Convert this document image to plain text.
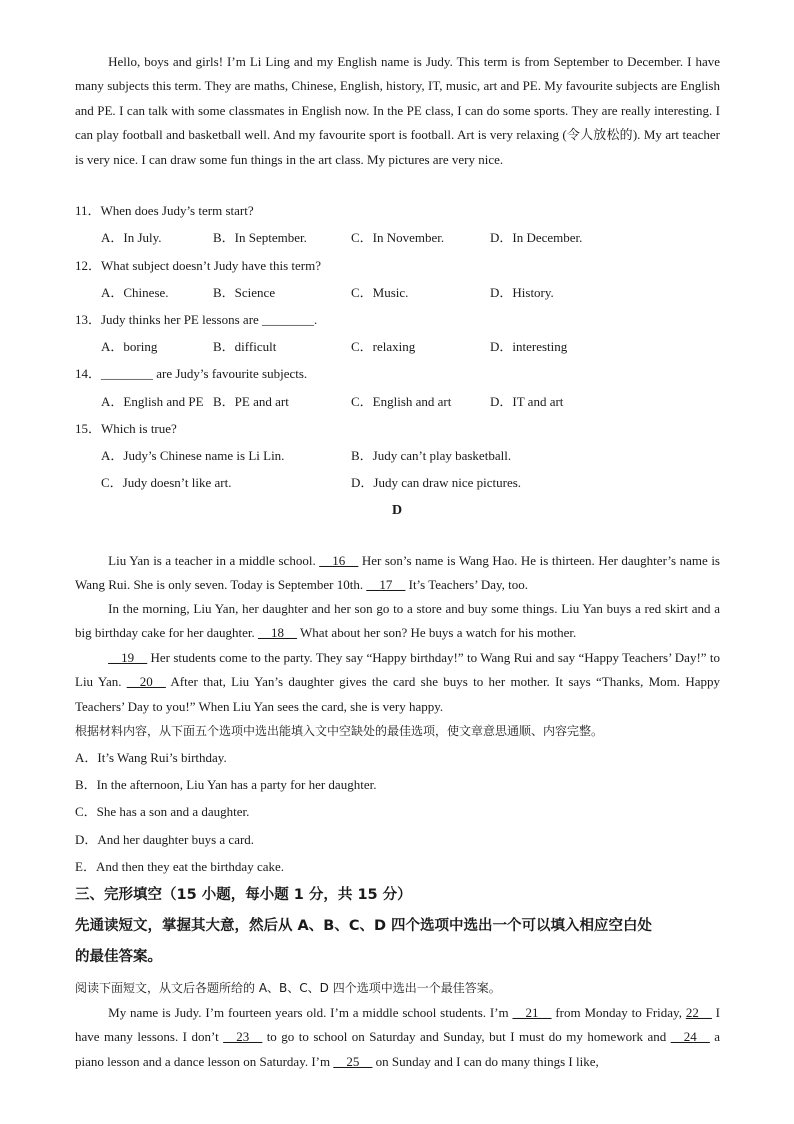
Hello, boys and girls! I’m Li Ling and my English name is Judy. This term is from September to December. I have many subjects this term. They are maths, Chinese, English, history, IT, music, art and PE. My favourite subjects are English and PE. I can talk with some classmates in English now. In the PE class, I can do some sports. They are really interesting. I can play football and basketball well. And my favourite sport is football. Art is very relaxing (令人放松的). My art teacher is very nice. I can draw some fun things in the art class. My pictures are very nice.

11．When does Judy’s term start?
A．In July.	B．In September.	C．In November.	D．In December.
12．What subject doesn’t Judy have this term?
A．Chinese.	B．Science	C．Music.	D．History.
13．Judy thinks her PE lessons are ________.
A．boring	B．difficult	C．relaxing	D．interesting
14．________ are Judy’s favourite subjects.
A．English and PE B．PE and art	C．English and art	D．IT and art
15．Which is true?
A．Judy’s Chinese name is Li Lin.	B．Judy can’t play basketball.
C．Judy doesn’t like art.	D．Judy can draw nice pictures.
D

Liu Yan is a teacher in a middle school. __16__ Her son’s name is Wang Hao. He is thirteen. Her daughter’s name is Wang Rui. She is only seven. Today is September 10th. __17__ It’s Teachers’ Day, too.

In the morning, Liu Yan, her daughter and her son go to a store and buy some things. Liu Yan buys a red skirt and a big birthday cake for her daughter. __18__ What about her son? He buys a watch for his mother.

__19__ Her students come to the party. They say “Happy birthday!” to Wang Rui and say “Happy Teachers’ Day!” to Liu Yan. __20__ After that, Liu Yan’s daughter gives the card she buys to her mother. It says “Thanks, Mom. Happy Teachers’ Day to you!” When Liu Yan sees the card, she is very happy.

根据材料内容，从下面五个选项中选出能填入文中空缺处的最佳选项，使文章意思通顺、内容完整。
A．It’s Wang Rui’s birthday.
B．In the afternoon, Liu Yan has a party for her daughter.
C．She has a son and a daughter.
D．And her daughter buys a card.
E．And then they eat the birthday cake.
三、完形填空（15 小题，每小题 1 分，共 15 分）
先通读短文，掌握其大意，然后从 A、B、C、D 四个选项中选出一个可以填入相应空白处
的最佳答案。
阅读下面短文，从文后各题所给的 A、B、C、D 四个选项中选出一个最佳答案。

My name is Judy. I’m fourteen years old. I’m a middle school students. I’m __21__ from Monday to Friday, 22__ I have many lessons. I don’t __23__ to go to school on Saturday and Sunday, but I must do my homework and __24__ a piano lesson and a dance lesson on Saturday. I’m __25__ on Sunday and I can do many things I like,
